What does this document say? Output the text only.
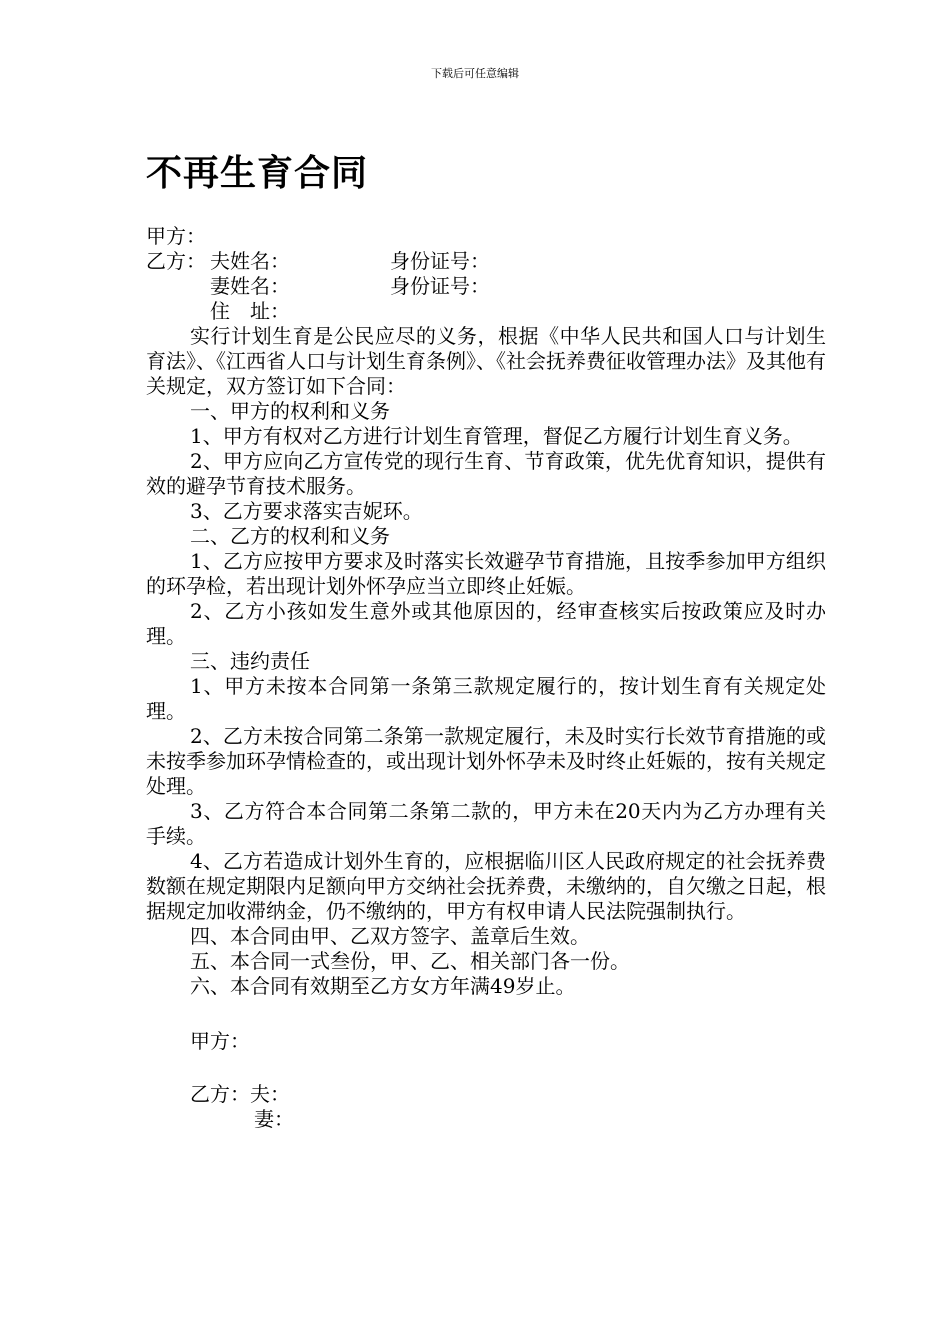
下载后可任意编辑
不再生育合同
甲方：
乙方： 夫姓名：	身份证号：
妻姓名：	身份证号：
住　址：
实行计划生育是公民应尽的义务，根据《中华人民共和国人口与计划生育法》、《江西省人口与计划生育条例》、《社会抚养费征收管理办法》及其他有关规定，双方签订如下合同：
一、甲方的权利和义务
1、甲方有权对乙方进行计划生育管理，督促乙方履行计划生育义务。
2、甲方应向乙方宣传党的现行生育、节育政策，优先优育知识，提供有效的避孕节育技术服务。
3、乙方要求落实吉妮环。
二、乙方的权利和义务
1、乙方应按甲方要求及时落实长效避孕节育措施，且按季参加甲方组织的环孕检，若出现计划外怀孕应当立即终止妊娠。
2、乙方小孩如发生意外或其他原因的，经审查核实后按政策应及时办理。
三、违约责任
1、甲方未按本合同第一条第三款规定履行的，按计划生育有关规定处理。
2、乙方未按合同第二条第一款规定履行，未及时实行长效节育措施的或未按季参加环孕情检查的，或出现计划外怀孕未及时终止妊娠的，按有关规定处理。
3、乙方符合本合同第二条第二款的，甲方未在20天内为乙方办理有关手续。
4、乙方若造成计划外生育的，应根据临川区人民政府规定的社会抚养费数额在规定期限内足额向甲方交纳社会抚养费，未缴纳的，自欠缴之日起，根据规定加收滞纳金，仍不缴纳的，甲方有权申请人民法院强制执行。
四、本合同由甲、乙双方签字、盖章后生效。
五、本合同一式叁份，甲、乙、相关部门各一份。
六、本合同有效期至乙方女方年满49岁止。
甲方：
乙方：夫：
妻：
